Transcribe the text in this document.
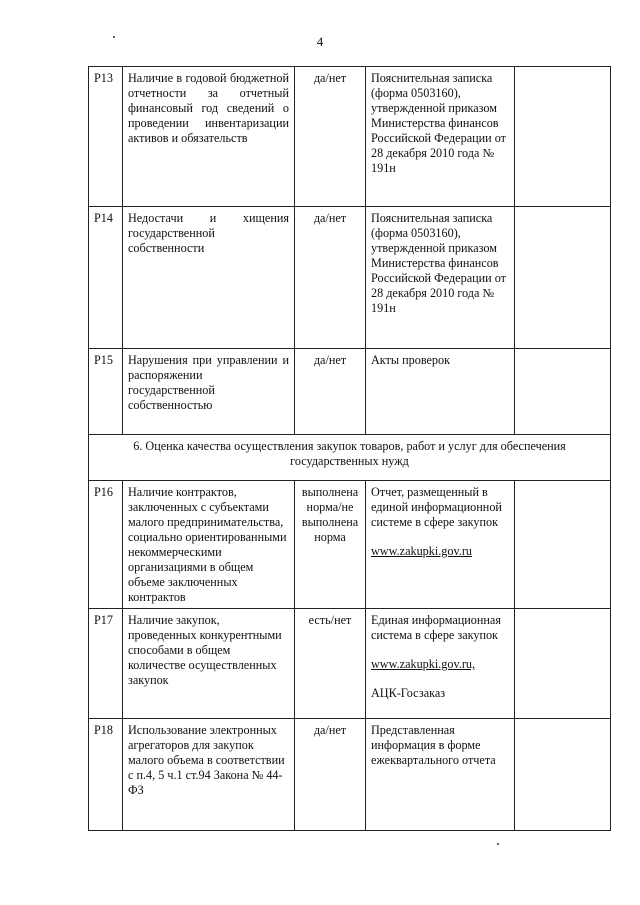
4
Р13	Наличие в годовой бюджетной отчетности за отчетный финансовый год сведений о проведении инвентаризации активов и обязательств	да/нет	Пояснительная записка (форма 0503160), утвержденной приказом Министерства финансов Российской Федерации от 28 декабря 2010 года № 191н	
Р14	Недостачи и хищения государственной собственности	да/нет	Пояснительная записка (форма 0503160), утвержденной приказом Министерства финансов Российской Федерации от 28 декабря 2010 года № 191н	
Р15	Нарушения при управлении и распоряжении государственной собственностью	да/нет	Акты проверок	
6. Оценка качества осуществления закупок товаров, работ и услуг для обеспечения государственных нужд				
Р16	Наличие контрактов, заключенных с субъектами малого предпринимательства, социально ориентированными некоммерческими организациями в общем объеме заключенных контрактов	выполнена норма/не выполнена норма	Отчет, размещенный в единой информационной системе в сфере закупок

www.zakupki.gov.ru	

Р17	Наличие закупок, проведенных конкурентными способами в общем количестве осуществленных закупок	есть/нет	Единая информационная система в сфере закупок

www.zakupki.gov.ru,

АЦК-Госзаказ	

Р18	Использование электронных агрегаторов для закупок малого объема в соответствии с п.4, 5 ч.1 ст.94 Закона № 44-ФЗ	да/нет	Представленная информация в форме ежеквартального отчета	
